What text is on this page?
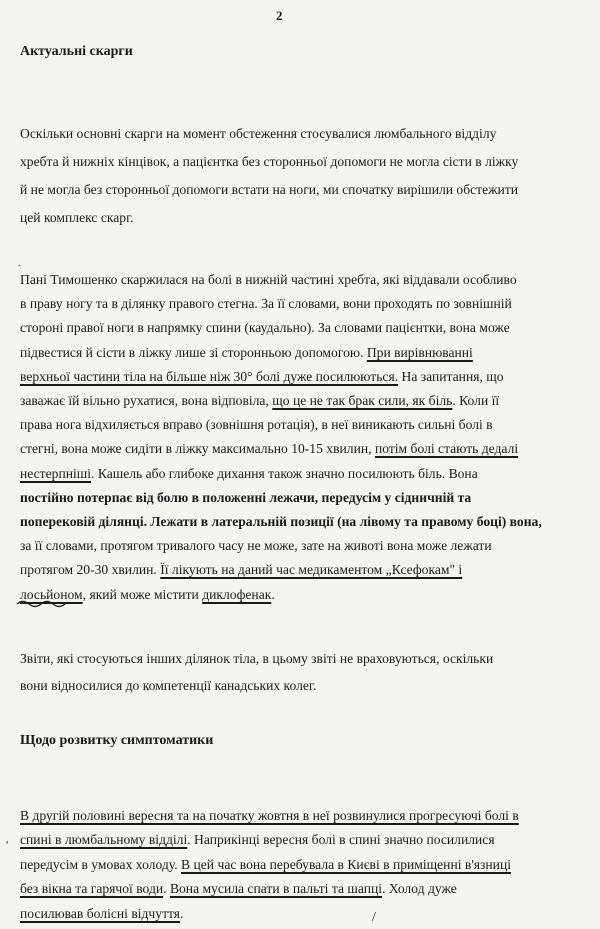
2
Актуальні скарги
Оскільки основні скарги на момент обстеження стосувалися люмбального відділу
хребта й нижніх кінцівок, а пацієнтка без сторонньої допомоги не могла сісти в ліжку
й не могла без сторонньої допомоги встати на ноги, ми спочатку вирішили обстежити
цей комплекс скарг.
.
Пані Тимошенко скаржилася на болі в нижній частині хребта, які віддавали особливо
в праву ногу та в ділянку правого стегна. За її словами, вони проходять по зовнішній
стороні правої ноги в напрямку спини (каудально). За словами пацієнтки, вона може
підвестися й сісти в ліжку лише зі сторонньою допомогою. При вирівнюванні
верхньої частини тіла на більше ніж 30° болі дуже посилюються. На запитання, що
заважає їй вільно рухатися, вона відповіла, що це не так брак сили, як біль. Коли її
права нога відхиляється вправо (зовнішня ротація), в неї виникають сильні болі в
стегні, вона може сидіти в ліжку максимально 10-15 хвилин, потім болі стають дедалі
нестерпніші. Кашель або глибоке дихання також значно посилюють біль. Вона
постійно потерпає від болю в положенні лежачи, передусім у сідничній та
поперековій ділянці. Лежати в латеральній позиції (на лівому та правому боці) вона,
за її словами, протягом тривалого часу не може, зате на животі вона може лежати
протягом 20-30 хвилин. Її лікують на даний час медикаментом „Ксефокам" і
лосьйоном, який може містити диклофенак.
Звіти, які стосуються інших ділянок тіла, в цьому звіті не враховуються, оскільки
вони відносилися до компетенції канадських колег.
Щодо розвитку симптоматики
ʹ
В другій половині вересня та на початку жовтня в неї розвинулися прогресуючі болі в
спині в люмбальному відділі. Наприкінці вересня болі в спині значно посилилися
передусім в умовах холоду. В цей час вона перебувала в Києві в приміщенні в'язниці
без вікна та гарячої води. Вона мусила спати в пальті та шапці. Холод дуже
посилював болісні відчуття.	/
